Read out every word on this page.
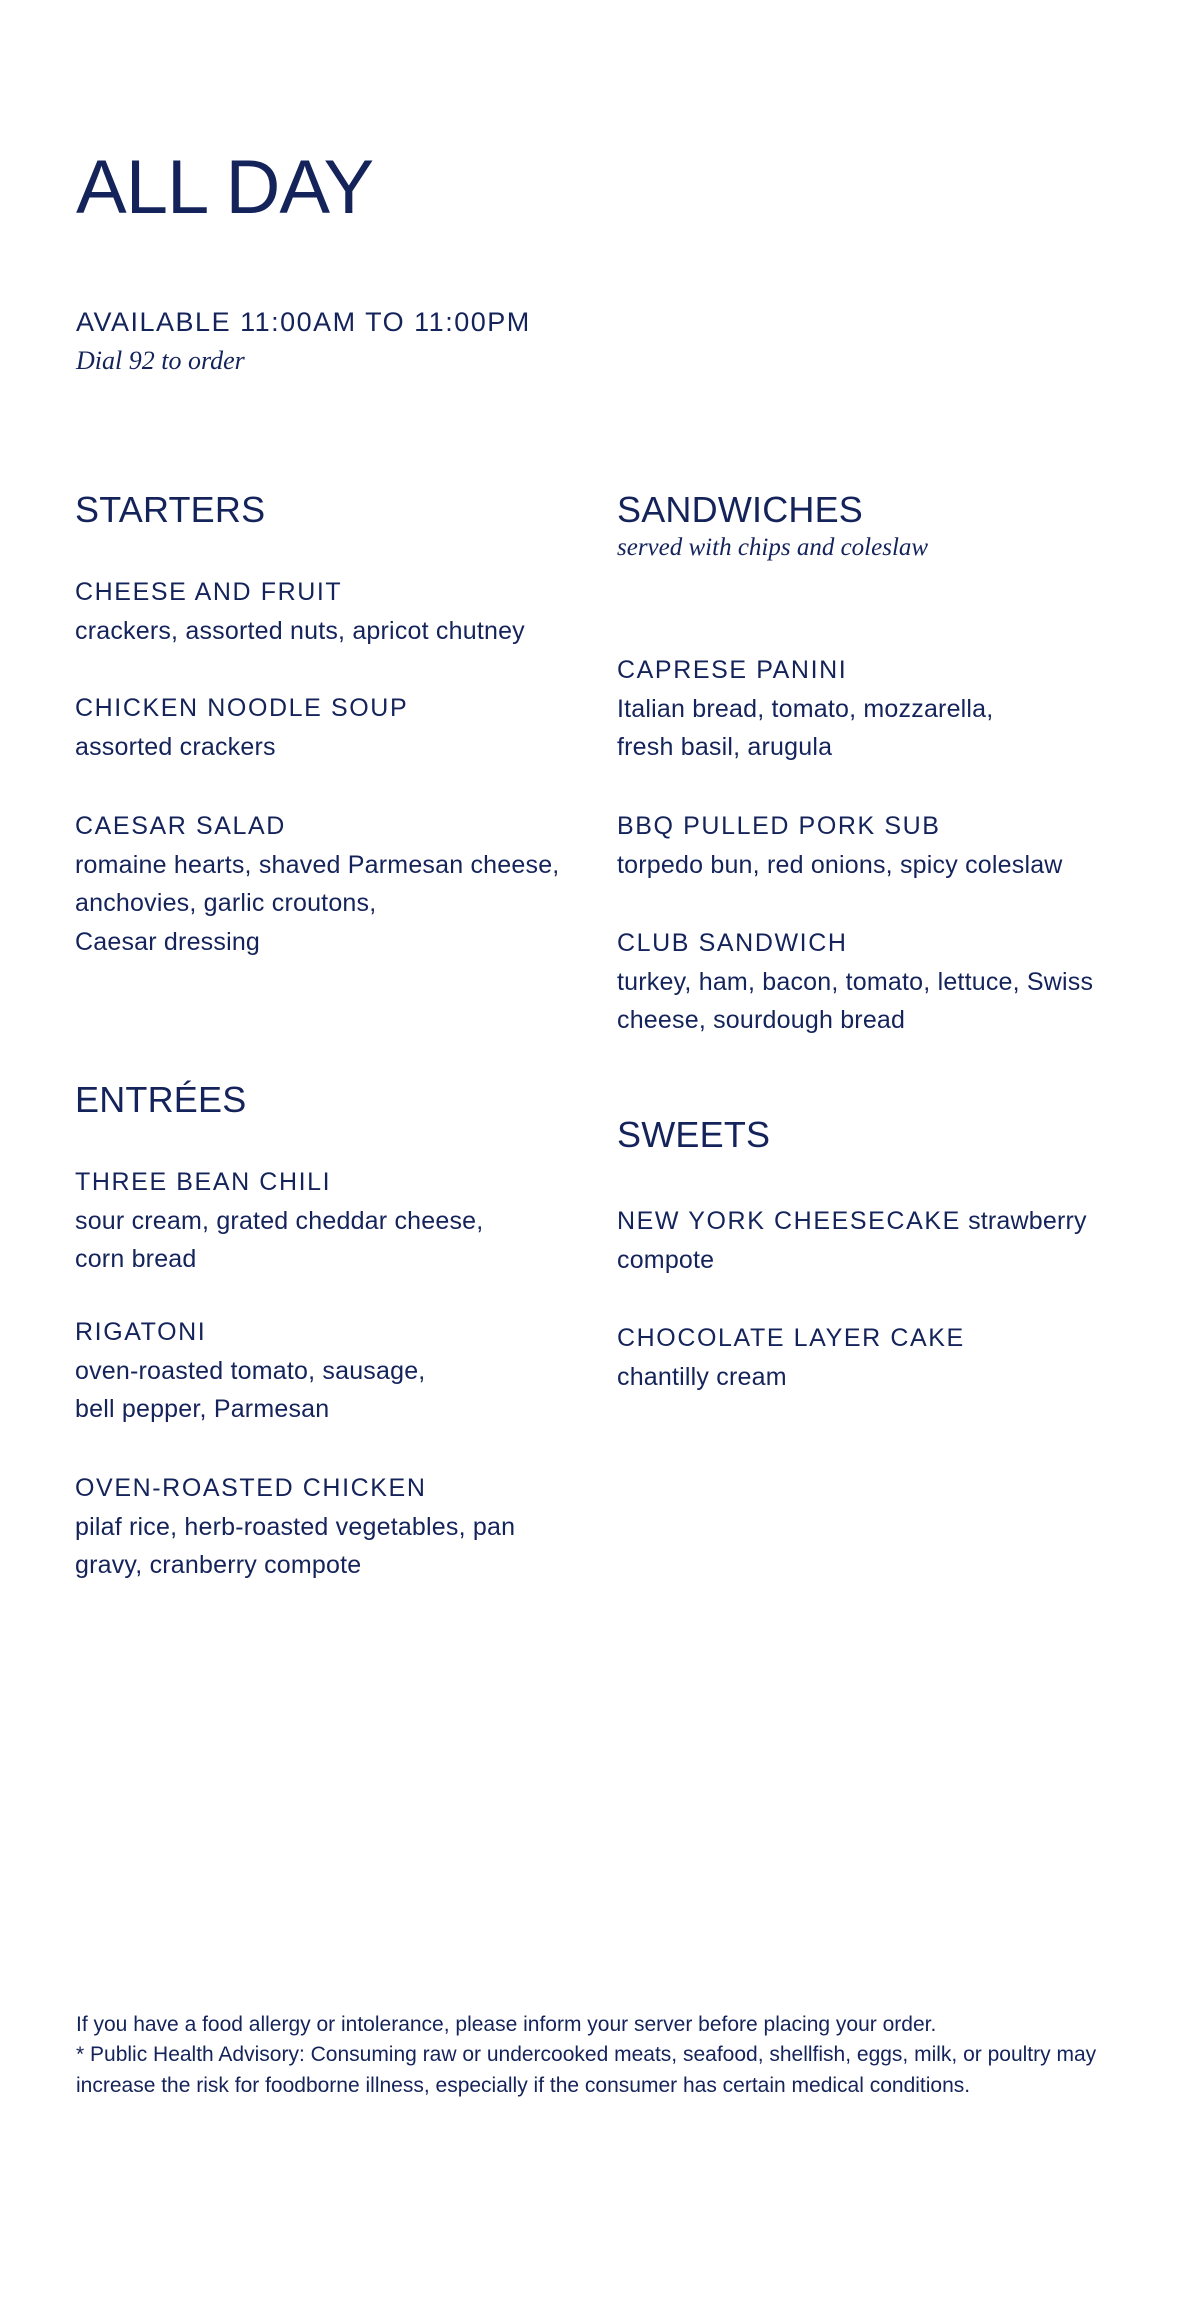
ALL DAY
AVAILABLE 11:00AM TO 11:00PM
Dial 92 to order
STARTERS
CHEESE AND FRUIT
crackers, assorted nuts, apricot chutney
CHICKEN NOODLE SOUP
assorted crackers
CAESAR SALAD
romaine hearts, shaved Parmesan cheese,
anchovies, garlic croutons,
Caesar dressing
ENTRÉES
THREE BEAN CHILI
sour cream, grated cheddar cheese,
corn bread
RIGATONI
oven-roasted tomato, sausage,
bell pepper, Parmesan
OVEN-ROASTED CHICKEN
pilaf rice, herb-roasted vegetables, pan
gravy, cranberry compote
SANDWICHES
served with chips and coleslaw
CAPRESE PANINI
Italian bread, tomato, mozzarella,
fresh basil, arugula
BBQ PULLED PORK SUB
torpedo bun, red onions, spicy coleslaw
CLUB SANDWICH
turkey, ham, bacon, tomato, lettuce, Swiss
cheese, sourdough bread
SWEETS
NEW YORK CHEESECAKE strawberry
compote
CHOCOLATE LAYER CAKE
chantilly cream

If you have a food allergy or intolerance, please inform your server before placing your order.

* Public Health Advisory: Consuming raw or undercooked meats, seafood, shellfish, eggs, milk, or poultry may increase the risk for foodborne illness, especially if the consumer has certain medical conditions.
